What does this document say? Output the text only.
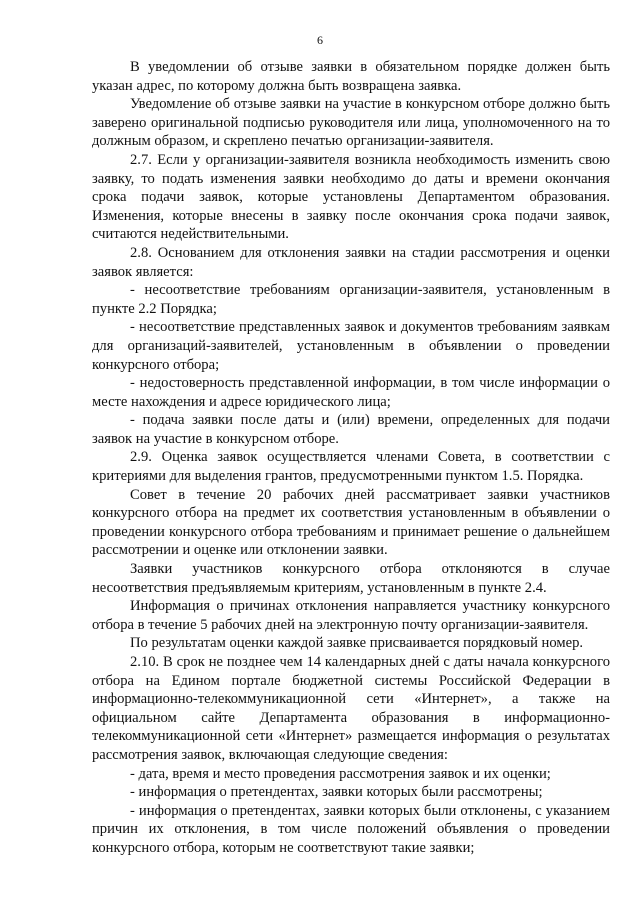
6

В уведомлении об отзыве заявки в обязательном порядке должен быть указан адрес, по которому должна быть возвращена заявка.

Уведомление об отзыве заявки на участие в конкурсном отборе должно быть заверено оригинальной подписью руководителя или лица, уполномоченного на то должным образом, и скреплено печатью организации-заявителя.

2.7. Если у организации-заявителя возникла необходимость изменить свою заявку, то подать изменения заявки необходимо до даты и времени окончания срока подачи заявок, которые установлены Департаментом образования. Изменения, которые внесены в заявку после окончания срока подачи заявок, считаются недействительными.

2.8. Основанием для отклонения заявки на стадии рассмотрения и оценки заявок является:

- несоответствие требованиям организации-заявителя, установленным в пункте 2.2 Порядка;

- несоответствие представленных заявок и документов требованиям заявкам для организаций-заявителей, установленным в объявлении о проведении конкурсного отбора;

- недостоверность представленной информации, в том числе информации о месте нахождения и адресе юридического лица;

- подача заявки после даты и (или) времени, определенных для подачи заявок на участие в конкурсном отборе.

2.9. Оценка заявок осуществляется членами Совета, в соответствии с критериями для выделения грантов, предусмотренными пунктом 1.5. Порядка.

Совет в течение 20 рабочих дней рассматривает заявки участников конкурсного отбора на предмет их соответствия установленным в объявлении о проведении конкурсного отбора требованиям и принимает решение о дальнейшем рассмотрении и оценке или отклонении заявки.

Заявки участников конкурсного отбора отклоняются в случае несоответствия предъявляемым критериям, установленным в пункте 2.4.

Информация о причинах отклонения направляется участнику конкурсного отбора в течение 5 рабочих дней на электронную почту организации-заявителя.

По результатам оценки каждой заявке присваивается порядковый номер.

2.10. В срок не позднее чем 14 календарных дней с даты начала конкурсного отбора на Едином портале бюджетной системы Российской Федерации в информационно-телекоммуникационной сети «Интернет», а также на официальном сайте Департамента образования в информационно-телекоммуникационной сети «Интернет» размещается информация о результатах рассмотрения заявок, включающая следующие сведения:

- дата, время и место проведения рассмотрения заявок и их оценки;

- информация о претендентах, заявки которых были рассмотрены;

- информация о претендентах, заявки которых были отклонены, с указанием причин их отклонения, в том числе положений объявления о проведении конкурсного отбора, которым не соответствуют такие заявки;
